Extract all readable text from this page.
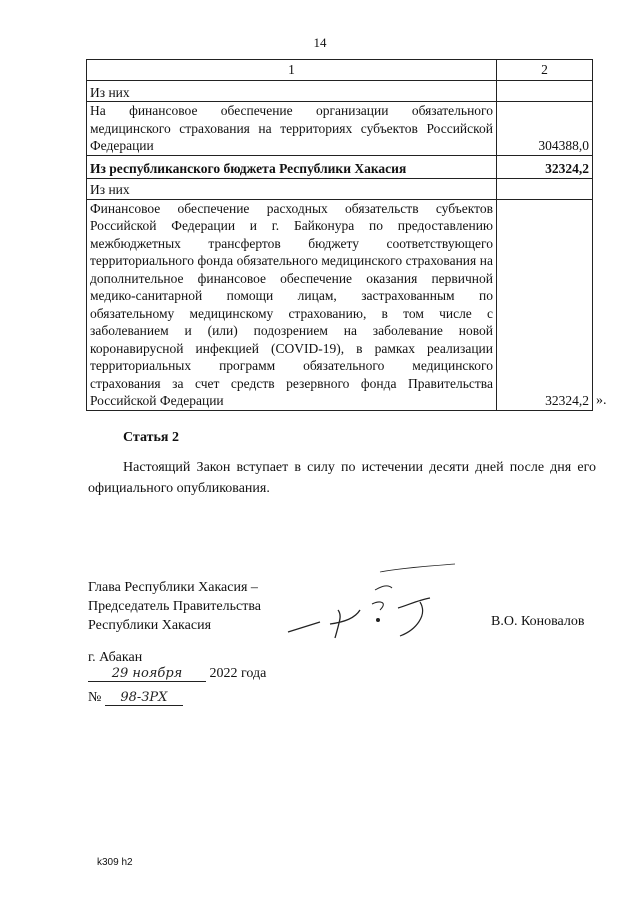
14
1	2
Из них	
На финансовое обеспечение организации обязательного медицинского страхования на территориях субъектов Российской Федерации	304388,0
Из республиканского бюджета Республики Хакасия	32324,2
Из них	
Финансовое обеспечение расходных обязательств субъектов Российской Федерации и г. Байконура по предоставлению межбюджетных трансфертов бюджету соответствующего территориального фонда обязательного медицинского страхования на дополнительное финансовое обеспечение оказания первичной медико-санитарной помощи лицам, застрахованным по обязательному медицинскому страхованию, в том числе с заболеванием и (или) подозрением на заболевание новой коронавирусной инфекцией (COVID-19), в рамках реализации территориальных программ обязательного медицинского страхования за счет средств резервного фонда Правительства Российской Федерации	32324,2 ».
Статья 2
Настоящий Закон вступает в силу по истечении десяти дней после дня его официального опубликования.
Глава Республики Хакасия –
Председатель Правительства
Республики Хакасия	В.О. Коновалов
г. Абакан
29 ноября 2022 года
№ 98-ЗРХ
k309 h2
